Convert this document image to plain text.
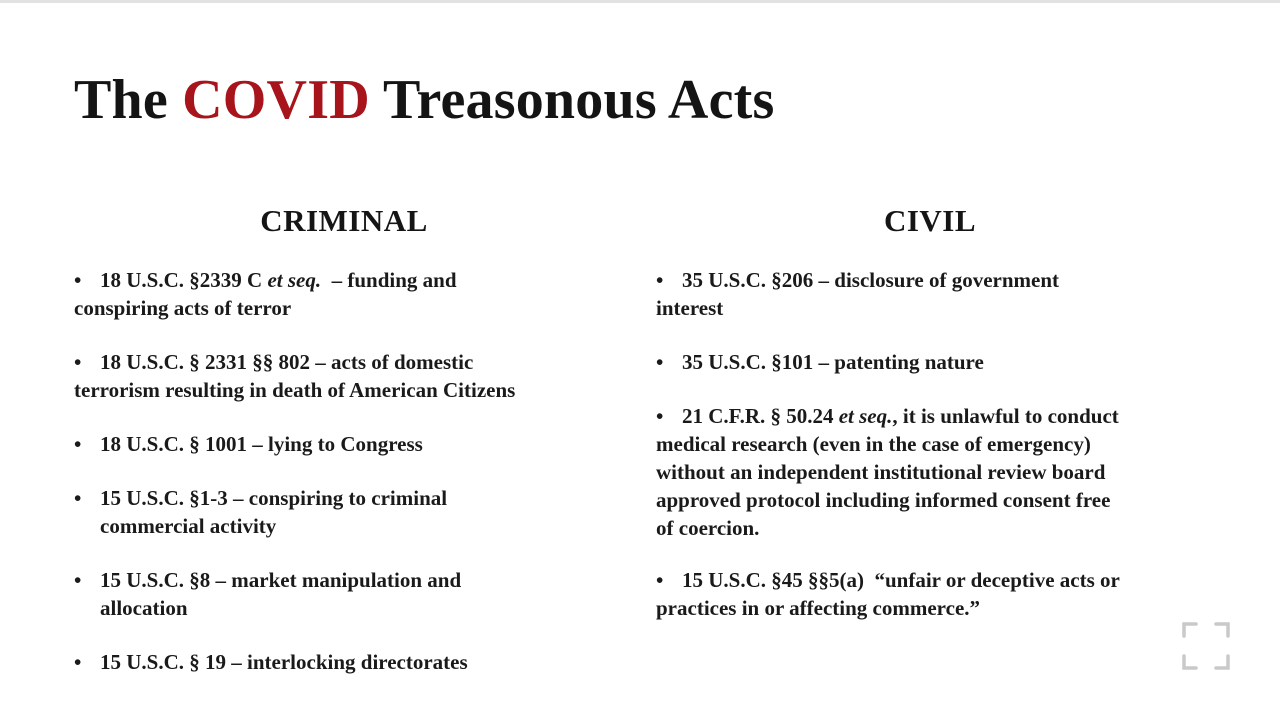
The COVID Treasonous Acts
CRIMINAL	CIVIL
• 18 U.S.C. §2339 C et seq. – funding and
conspiring acts of terror
• 18 U.S.C. § 2331 §§ 802 – acts of domestic
terrorism resulting in death of American Citizens
• 18 U.S.C. § 1001 – lying to Congress
• 15 U.S.C. §1-3 – conspiring to criminal
commercial activity
• 15 U.S.C. §8 – market manipulation and
allocation
• 15 U.S.C. § 19 – interlocking directorates
• 35 U.S.C. §206 – disclosure of government
interest
• 35 U.S.C. §101 – patenting nature
• 21 C.F.R. § 50.24 et seq., it is unlawful to conduct
medical research (even in the case of emergency)
without an independent institutional review board
approved protocol including informed consent free
of coercion.
• 15 U.S.C. §45 §§5(a) “unfair or deceptive acts or
practices in or affecting commerce.”
